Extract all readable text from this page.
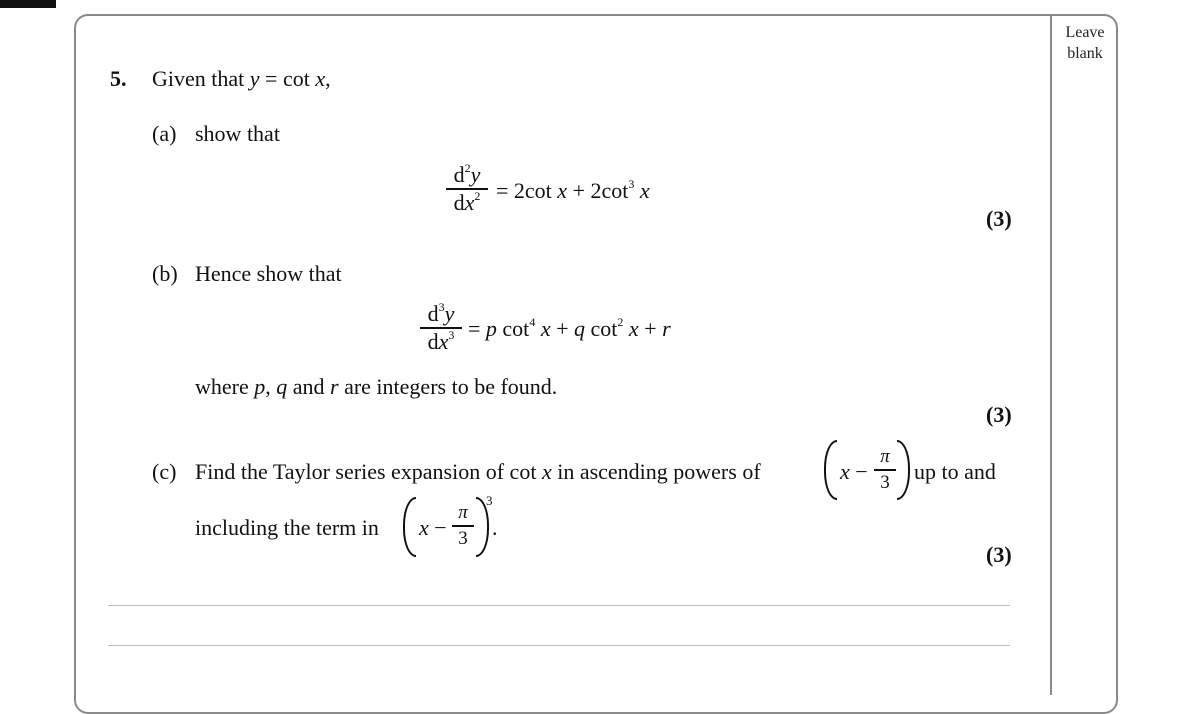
Leave
blank
5. Given that y = cot x,
(a) show that
$d^2y$
$dx^2 = 2\cot$ $x + 2\cot^3$ x
(3)
(b) Hence show that
$d^3y$
$dx^3 = p$ $\cot^4 x + q$ $\cot^2 x + r$
where p, q and r are integers to be found.
(3)
(c) Find the Taylor series expansion of cot x in ascending powers of	x −
π
3 up to and
including the term in x −
π
3
3
.
(3)
